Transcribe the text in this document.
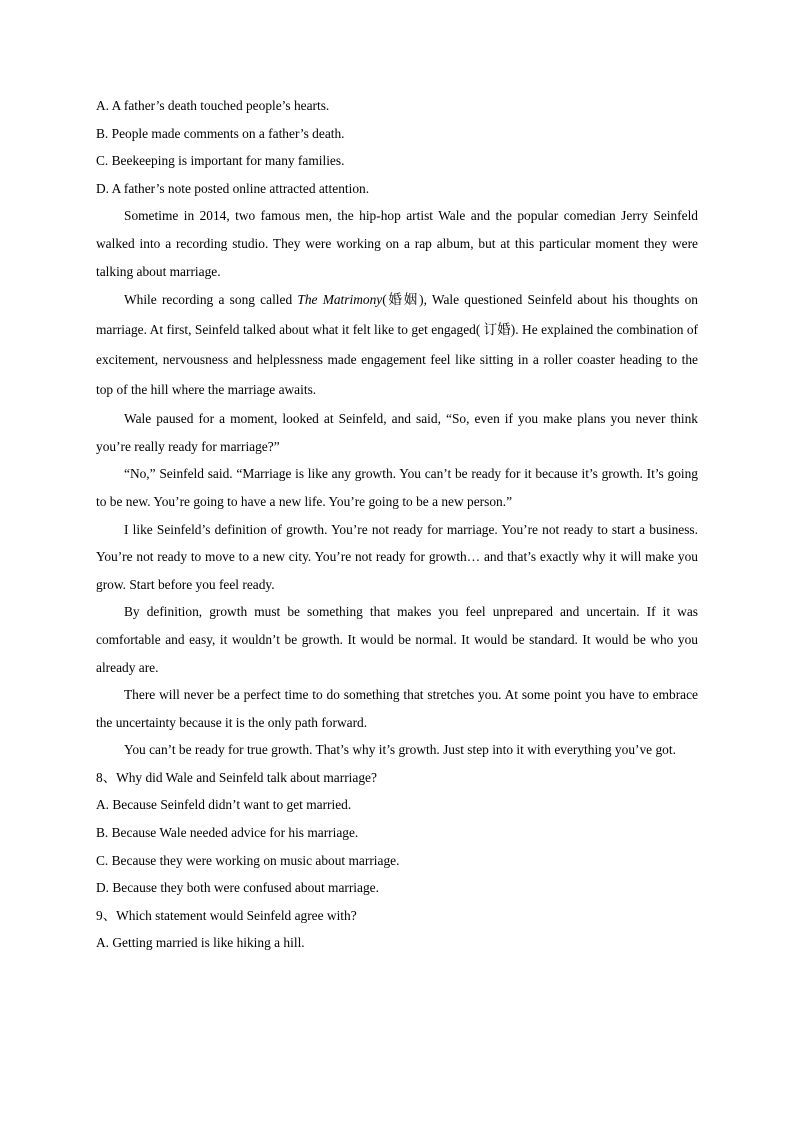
A. A father’s death touched people’s hearts.
B. People made comments on a father’s death.
C. Beekeeping is important for many families.
D. A father’s note posted online attracted attention.

Sometime in 2014, two famous men, the hip-hop artist Wale and the popular comedian Jerry Seinfeld walked into a recording studio. They were working on a rap album, but at this particular moment they were talking about marriage.

While recording a song called The Matrimony(婚姻), Wale questioned Seinfeld about his thoughts on marriage. At first, Seinfeld talked about what it felt like to get engaged( 订婚). He explained the combination of excitement, nervousness and helplessness made engagement feel like sitting in a roller coaster heading to the top of the hill where the marriage awaits.

Wale paused for a moment, looked at Seinfeld, and said, “So, even if you make plans you never think you’re really ready for marriage?”

“No,” Seinfeld said. “Marriage is like any growth. You can’t be ready for it because it’s growth. It’s going to be new. You’re going to have a new life. You’re going to be a new person.”

I like Seinfeld’s definition of growth. You’re not ready for marriage. You’re not ready to start a business. You’re not ready to move to a new city. You’re not ready for growth… and that’s exactly why it will make you grow. Start before you feel ready.

By definition, growth must be something that makes you feel unprepared and uncertain. If it was comfortable and easy, it wouldn’t be growth. It would be normal. It would be standard. It would be who you already are.

There will never be a perfect time to do something that stretches you. At some point you have to embrace the uncertainty because it is the only path forward.

You can’t be ready for true growth. That’s why it’s growth. Just step into it with everything you’ve got.

8、Why did Wale and Seinfeld talk about marriage?
A. Because Seinfeld didn’t want to get married.
B. Because Wale needed advice for his marriage.
C. Because they were working on music about marriage.
D. Because they both were confused about marriage.
9、Which statement would Seinfeld agree with?
A. Getting married is like hiking a hill.
